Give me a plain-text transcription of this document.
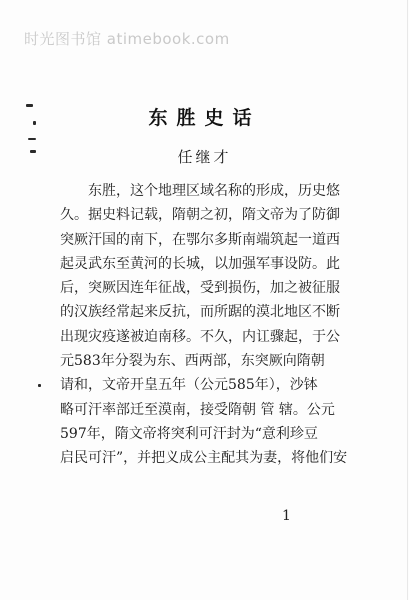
时光图书馆 atimebook.com
东胜史话
任继才
东胜，这个地理区域名称的形成，历史悠
久。据史料记载，隋朝之初，隋文帝为了防御
突厥汗国的南下，在鄂尔多斯南端筑起一道西
起灵武东至黄河的长城，以加强军事设防。此
后，突厥因连年征战，受到损伤，加之被征服
的汉族经常起来反抗，而所踞的漠北地区不断
出现灾疫遂被迫南移。不久，内讧骤起，于公
元583年分裂为东、西两部，东突厥向隋朝
请和，文帝开皇五年（公元585年），沙钵
略可汗率部迁至漠南，接受隋朝 管 辖。公元
597年，隋文帝将突利可汗封为“意利珍豆
启民可汗”，并把义成公主配其为妻，将他们安
1
